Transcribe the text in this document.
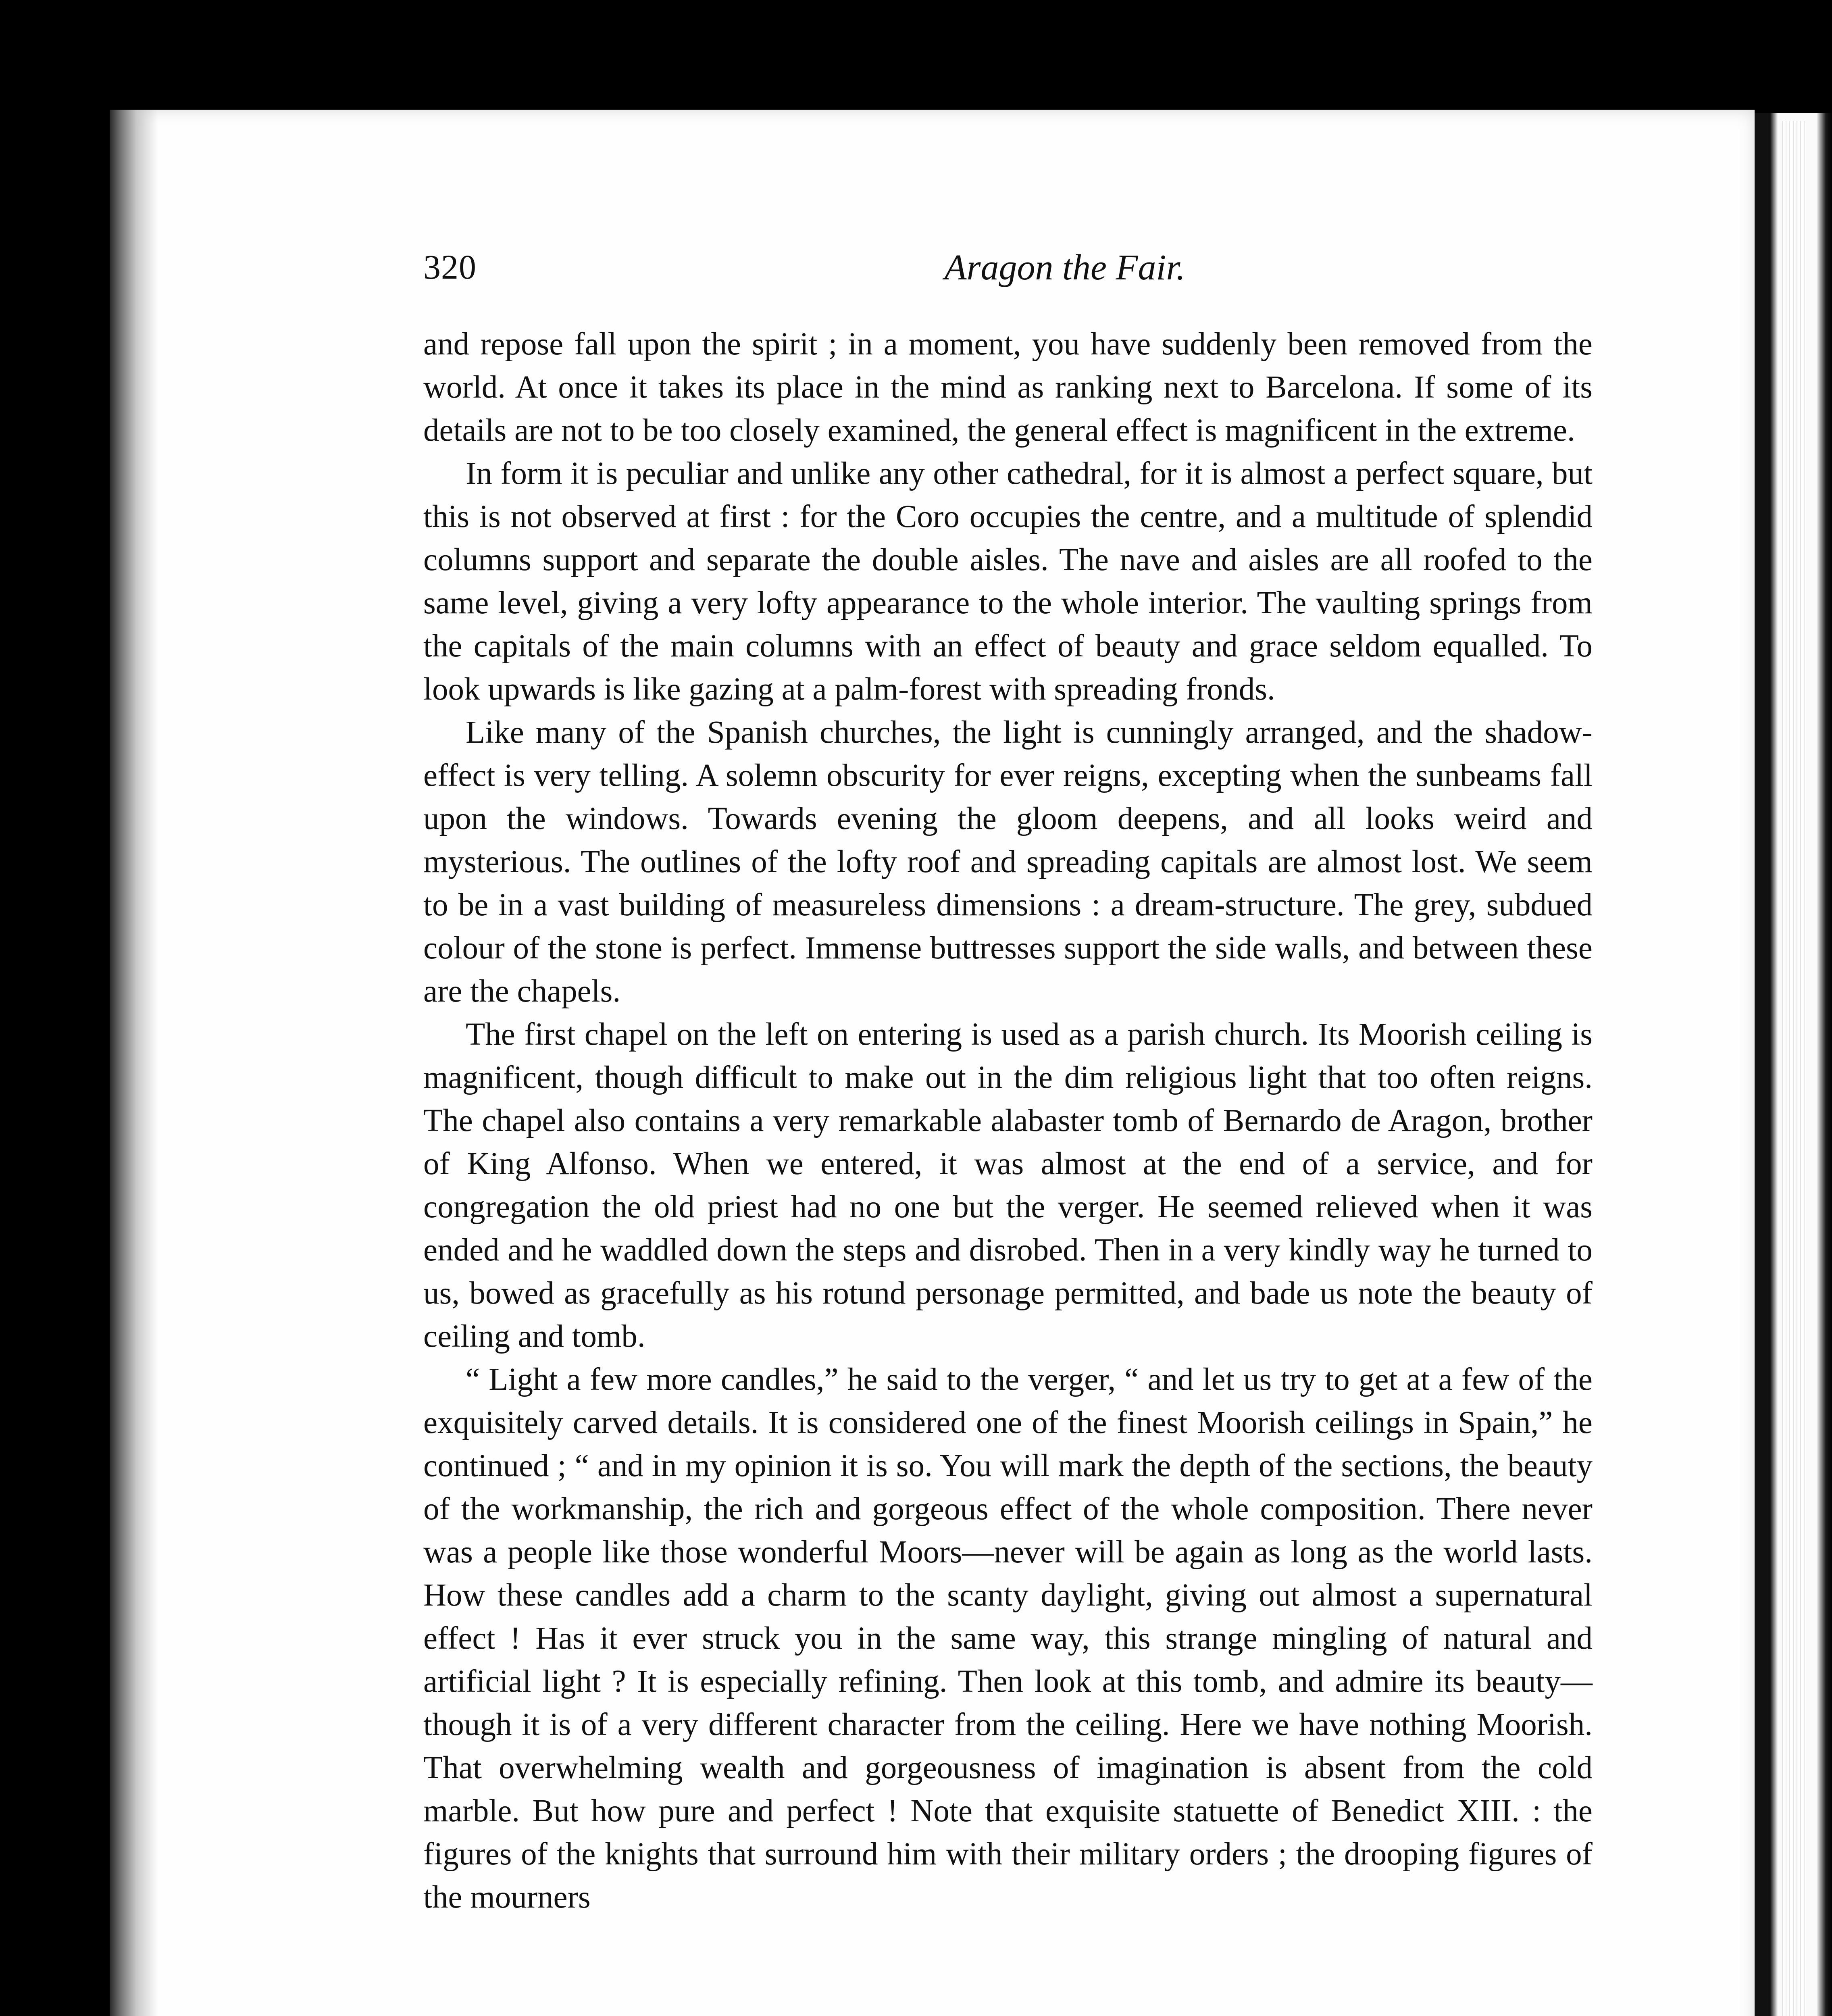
320	Aragon the Fair.

and repose fall upon the spirit ; in a moment, you have suddenly been removed from the world. At once it takes its place in the mind as ranking next to Barcelona. If some of its details are not to be too closely examined, the general effect is magnificent in the extreme.

In form it is peculiar and unlike any other cathedral, for it is almost a perfect square, but this is not observed at first : for the Coro occupies the centre, and a multitude of splendid columns support and separate the double aisles. The nave and aisles are all roofed to the same level, giving a very lofty appearance to the whole interior. The vaulting springs from the capitals of the main columns with an effect of beauty and grace seldom equalled. To look upwards is like gazing at a palm-forest with spreading fronds.

Like many of the Spanish churches, the light is cunningly arranged, and the shadow-effect is very telling. A solemn obscurity for ever reigns, excepting when the sunbeams fall upon the windows. Towards evening the gloom deepens, and all looks weird and mysterious. The outlines of the lofty roof and spreading capitals are almost lost. We seem to be in a vast building of measureless dimensions : a dream-structure. The grey, subdued colour of the stone is perfect. Immense buttresses support the side walls, and between these are the chapels.

The first chapel on the left on entering is used as a parish church. Its Moorish ceiling is magnificent, though difficult to make out in the dim religious light that too often reigns. The chapel also contains a very remarkable alabaster tomb of Bernardo de Aragon, brother of King Alfonso. When we entered, it was almost at the end of a service, and for congregation the old priest had no one but the verger. He seemed relieved when it was ended and he waddled down the steps and disrobed. Then in a very kindly way he turned to us, bowed as gracefully as his rotund personage permitted, and bade us note the beauty of ceiling and tomb.

“ Light a few more candles,” he said to the verger, “ and let us try to get at a few of the exquisitely carved details. It is considered one of the finest Moorish ceilings in Spain,” he continued ; “ and in my opinion it is so. You will mark the depth of the sections, the beauty of the workmanship, the rich and gorgeous effect of the whole composition. There never was a people like those wonderful Moors—never will be again as long as the world lasts. How these candles add a charm to the scanty daylight, giving out almost a supernatural effect ! Has it ever struck you in the same way, this strange mingling of natural and artificial light ? It is especially refining. Then look at this tomb, and admire its beauty—though it is of a very different character from the ceiling. Here we have nothing Moorish. That overwhelming wealth and gorgeousness of imagination is absent from the cold marble. But how pure and perfect ! Note that exquisite statuette of Benedict XIII. : the figures of the knights that surround him with their military orders ; the drooping figures of the mourners
